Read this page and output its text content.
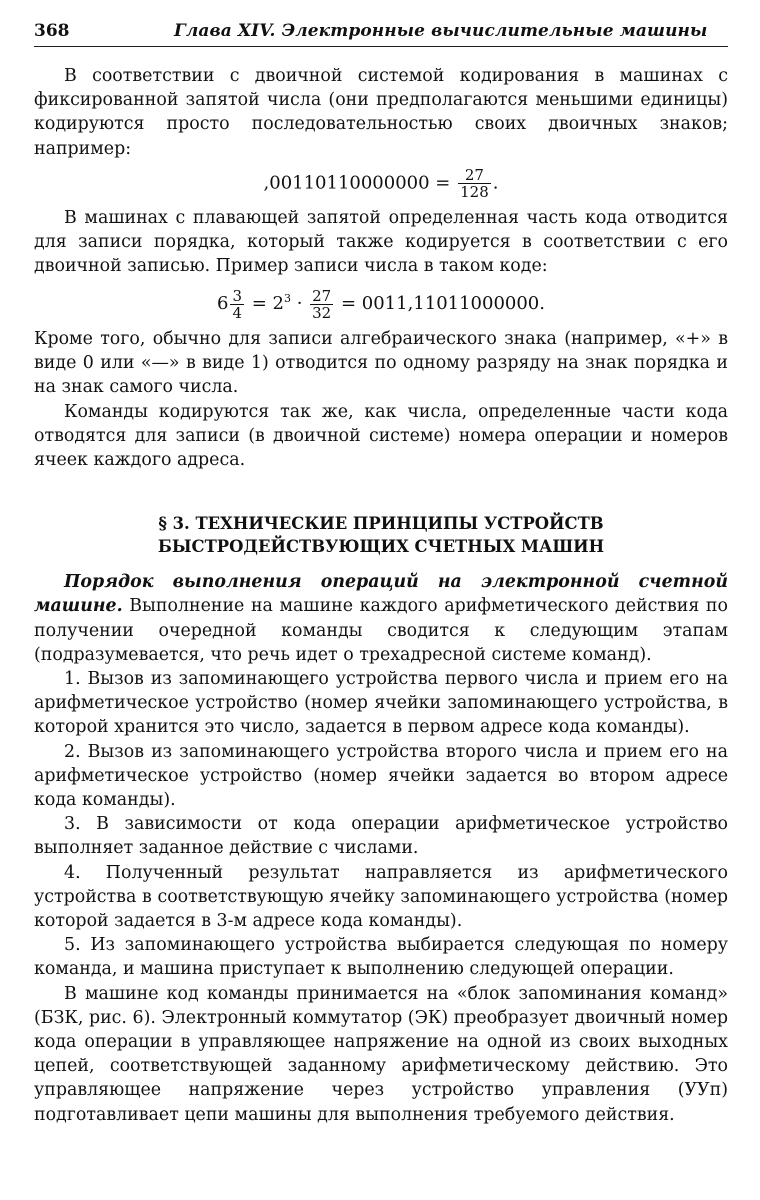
368	Глава XIV. Электронные вычислительные машины

В соответствии с двоичной системой кодирования в машинах с фиксированной запятой числа (они предполагаются меньшими единицы) кодируются просто последовательностью своих двоичных знаков; например:

$,00110110000000 = \frac{27}{128}$ .

В машинах с плавающей запятой определенная часть кода отводится для записи порядка, который также кодируется в соответствии с его двоичной записью. Пример записи числа в таком коде:

$6 \frac{3}{4} = 2^3 \cdot \frac{27}{32} = 0011,11011000000$.

Кроме того, обычно для записи алгебраического знака (например, «+» в виде 0 или «—» в виде 1) отводится по одному разряду на знак порядка и на знак самого числа.

Команды кодируются так же, как числа, определенные части кода отводятся для записи (в двоичной системе) номера операции и номеров ячеек каждого адреса.

§ 3. ТЕХНИЧЕСКИЕ ПРИНЦИПЫ УСТРОЙСТВ
БЫСТРОДЕЙСТВУЮЩИХ СЧЕТНЫХ МАШИН

Порядок выполнения операций на электронной счетной машине. Выполнение на машине каждого арифметического действия по получении очередной команды сводится к следующим этапам (подразумевается, что речь идет о трехадресной системе команд).

1. Вызов из запоминающего устройства первого числа и прием его на арифметическое устройство (номер ячейки запоминающего устройства, в которой хранится это число, задается в первом адресе кода команды).

2. Вызов из запоминающего устройства второго числа и прием его на арифметическое устройство (номер ячейки задается во втором адресе кода команды).

3. В зависимости от кода операции арифметическое устройство выполняет заданное действие с числами.

4. Полученный результат направляется из арифметического устройства в соответствующую ячейку запоминающего устройства (номер которой задается в 3-м адресе кода команды).

5. Из запоминающего устройства выбирается следующая по номеру команда, и машина приступает к выполнению следующей операции.

В машине код команды принимается на «блок запоминания команд» (БЗК, рис. 6). Электронный коммутатор (ЭК) преобразует двоичный номер кода операции в управляющее напряжение на одной из своих выходных цепей, соответствующей заданному арифметическому действию. Это управляющее напряжение через устройство управления (УУп) подготавливает цепи машины для выполнения требуемого действия.
